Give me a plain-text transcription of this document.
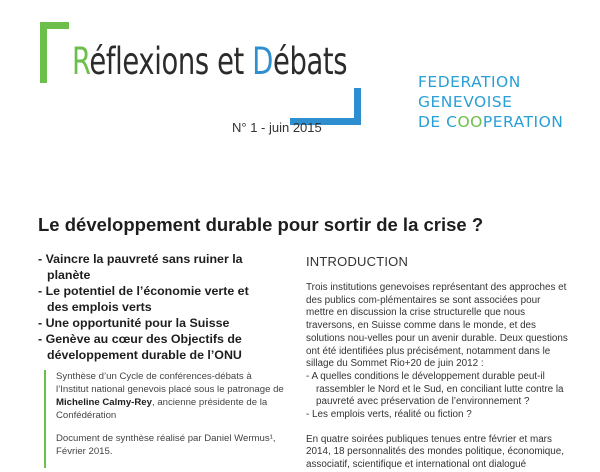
Réflexions et Débats
N° 1 - juin 2015
FEDERATION
GENEVOISE
DE COOPERATION
Le développement durable pour sortir de la crise ?
- Vaincre la pauvreté sans ruiner la planète
- Le potentiel de l’économie verte et des emplois verts
- Une opportunité pour la Suisse
- Genève au cœur des Objectifs de développement durable de l’ONU

Synthèse d’un Cycle de conférences-débats à l’Institut national genevois placé sous le patronage de Micheline Calmy-Rey, ancienne présidente de la Confédération

Document de synthèse réalisé par Daniel Wermus¹, Février 2015.

INTRODUCTION

Trois institutions genevoises représentant des approches et des publics com-plémentaires se sont associées pour mettre en discussion la crise structurelle que nous traversons, en Suisse comme dans le monde, et des solutions nou-velles pour un avenir durable. Deux questions ont été identifiées plus précisément, notamment dans le sillage du Sommet Rio+20 de juin 2012 :

- A quelles conditions le développement durable peut-il rassembler le Nord et le Sud, en conciliant lutte contre la pauvreté avec préservation de l’environnement ?
- Les emplois verts, réalité ou fiction ?

En quatre soirées publiques tenues entre février et mars 2014, 18 personnalités des mondes politique, économique, associatif, scientifique et international ont dialogué
